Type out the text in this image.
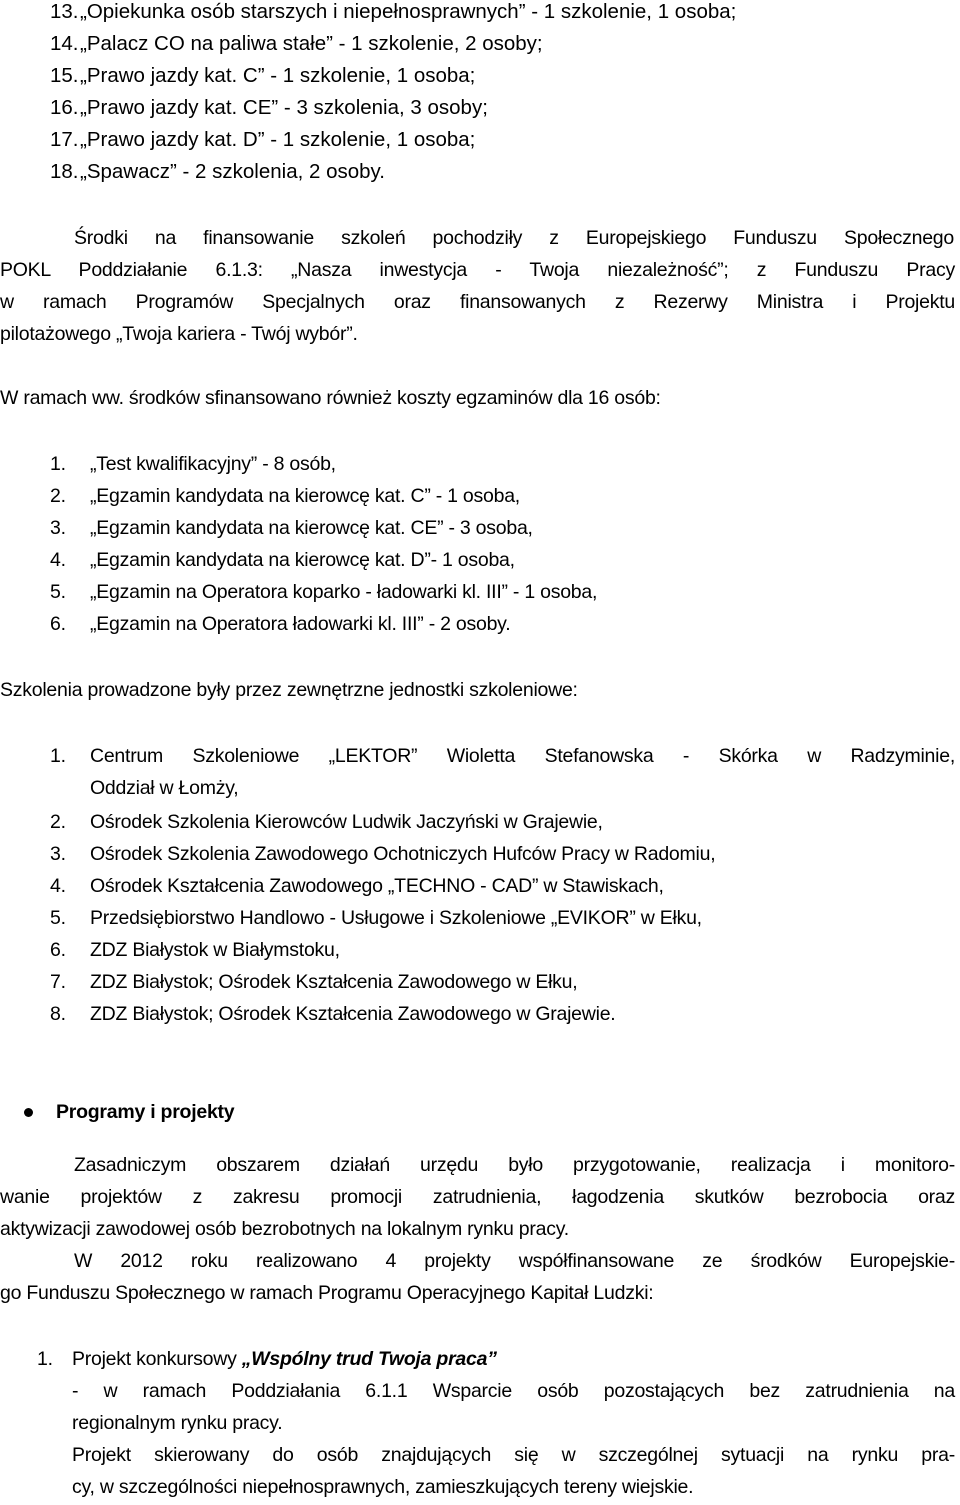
13.„Opiekunka osób starszych i niepełnosprawnych” - 1 szkolenie, 1 osoba;
14.„Palacz CO na paliwa stałe” - 1 szkolenie, 2 osoby;
15.„Prawo jazdy kat. C” - 1 szkolenie, 1 osoba;
16.„Prawo jazdy kat. CE” - 3 szkolenia, 3 osoby;
17.„Prawo jazdy kat. D” - 1 szkolenie, 1 osoba;
18.„Spawacz” - 2 szkolenia, 2 osoby.
Środki na finansowanie szkoleń pochodziły z Europejskiego Funduszu Społecznego
POKL Poddziałanie 6.1.3: „Nasza inwestycja - Twoja niezależność”; z Funduszu Pracy
w ramach Programów Specjalnych oraz finansowanych z Rezerwy Ministra i Projektu
pilotażowego „Twoja kariera - Twój wybór”.
W ramach ww. środków sfinansowano również koszty egzaminów dla 16 osób:
1. „Test kwalifikacyjny” - 8 osób,
2. „Egzamin kandydata na kierowcę kat. C” - 1 osoba,
3. „Egzamin kandydata na kierowcę kat. CE” - 3 osoba,
4. „Egzamin kandydata na kierowcę kat. D”- 1 osoba,
5. „Egzamin na Operatora koparko - ładowarki kl. III” - 1 osoba,
6. „Egzamin na Operatora ładowarki kl. III” - 2 osoby.
Szkolenia prowadzone były przez zewnętrzne jednostki szkoleniowe:
1. Centrum Szkoleniowe „LEKTOR” Wioletta Stefanowska - Skórka w Radzyminie,
Oddział w Łomży,
2. Ośrodek Szkolenia Kierowców Ludwik Jaczyński w Grajewie,
3. Ośrodek Szkolenia Zawodowego Ochotniczych Hufców Pracy w Radomiu,
4. Ośrodek Kształcenia Zawodowego „TECHNO - CAD” w Stawiskach,
5. Przedsiębiorstwo Handlowo - Usługowe i Szkoleniowe „EVIKOR” w Ełku,
6. ZDZ Białystok w Białymstoku,
7. ZDZ Białystok; Ośrodek Kształcenia Zawodowego w Ełku,
8. ZDZ Białystok; Ośrodek Kształcenia Zawodowego w Grajewie.
Programy i projekty
Zasadniczym obszarem działań urzędu było przygotowanie, realizacja i monitoro-
wanie projektów z zakresu promocji zatrudnienia, łagodzenia skutków bezrobocia oraz
aktywizacji zawodowej osób bezrobotnych na lokalnym rynku pracy.
W 2012 roku realizowano 4 projekty współfinansowane ze środków Europejskie-
go Funduszu Społecznego w ramach Programu Operacyjnego Kapitał Ludzki:
1. Projekt konkursowy „Wspólny trud Twoja praca”
- w ramach Poddziałania 6.1.1 Wsparcie osób pozostających bez zatrudnienia na
regionalnym rynku pracy.
Projekt skierowany do osób znajdujących się w szczególnej sytuacji na rynku pra-
cy, w szczególności niepełnosprawnych, zamieszkujących tereny wiejskie.
